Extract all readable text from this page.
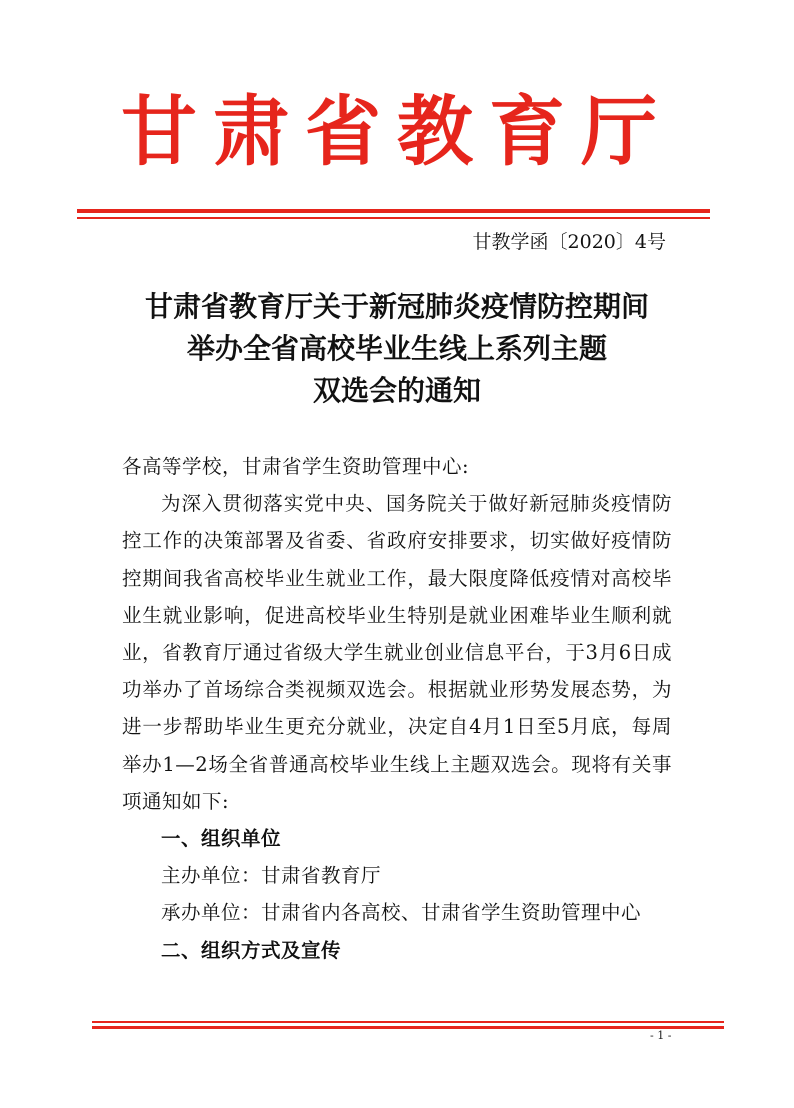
甘肃省教育厅
甘教学函〔2020〕4号
甘肃省教育厅关于新冠肺炎疫情防控期间
举办全省高校毕业生线上系列主题
双选会的通知

各高等学校，甘肃省学生资助管理中心:

为深入贯彻落实党中央、国务院关于做好新冠肺炎疫情防控工作的决策部署及省委、省政府安排要求，切实做好疫情防控期间我省高校毕业生就业工作，最大限度降低疫情对高校毕业生就业影响，促进高校毕业生特别是就业困难毕业生顺利就业，省教育厅通过省级大学生就业创业信息平台，于3月6日成功举办了首场综合类视频双选会。根据就业形势发展态势，为进一步帮助毕业生更充分就业，决定自4月1日至5月底，每周举办1—2场全省普通高校毕业生线上主题双选会。现将有关事项通知如下:

一、组织单位

主办单位：甘肃省教育厅

承办单位：甘肃省内各高校、甘肃省学生资助管理中心

二、组织方式及宣传

- 1 -
